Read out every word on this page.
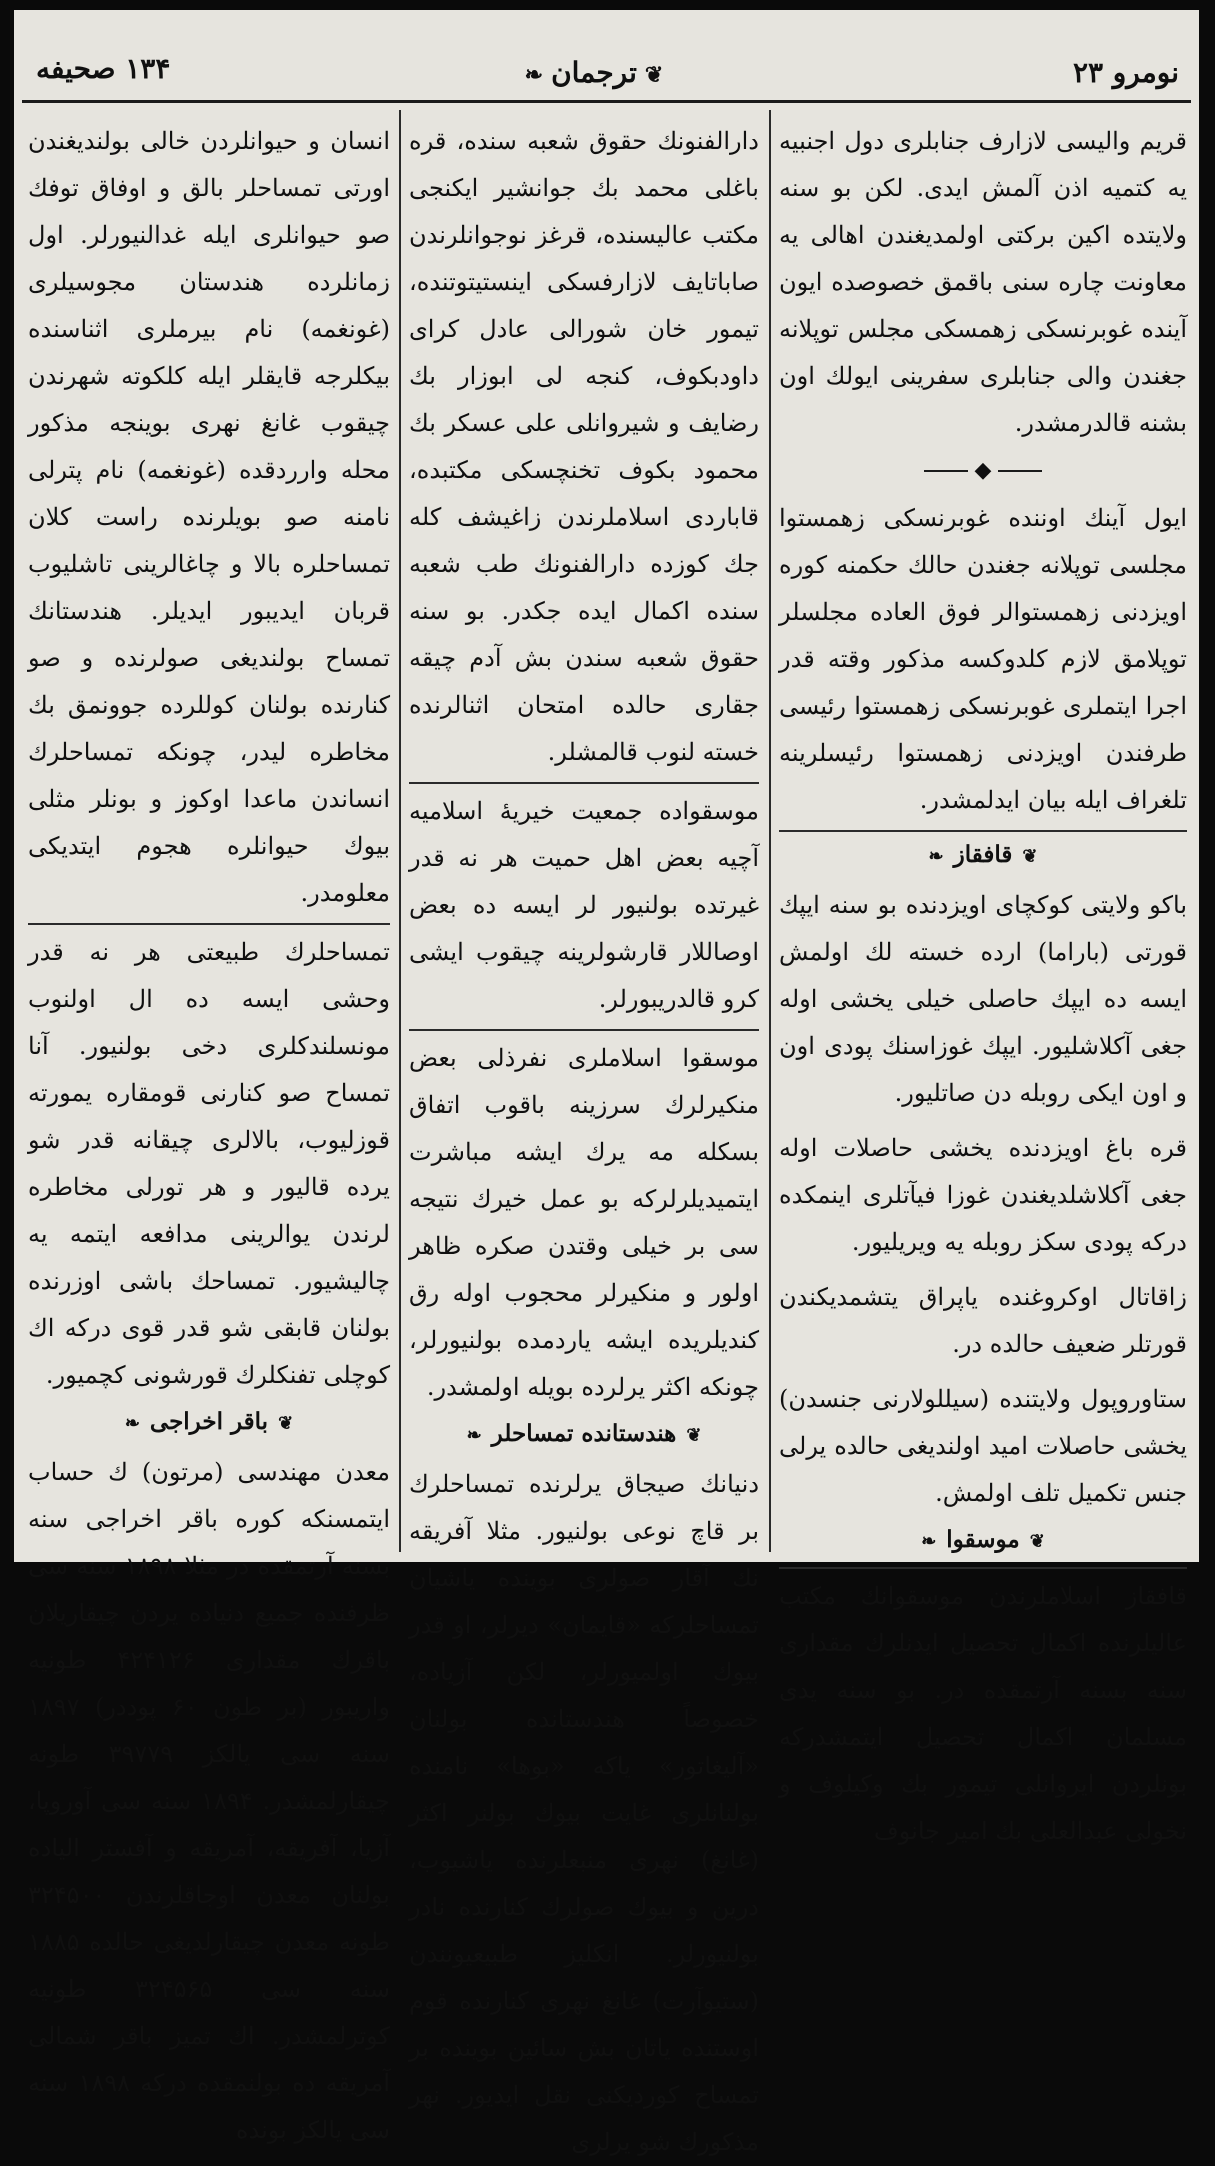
نومرو ۲۳
❦ترجمان❧
۱۳۴ صحیفه

قریم والیسی لازارف جنابلری دول اجنبیه یه کتمیه اذن آلمش ایدی. لکن بو سنه ولایتده اکین برکتی اولمدیغندن اهالی یه معاونت چاره سنی باقمق خصوصده ایون آینده غوبرنسکی زهمسکی مجلس توپلانه جغندن والی جنابلری سفرینی ایولك اون بشنه قالدرمشدر.

◆

ایول آینك اوننده غوبرنسکی زهمستوا مجلسی توپلانه جغندن حالك حکمنه کوره اویزدنی زهمستوالر فوق العاده مجلسلر توپلامق لازم کلدوکسه مذکور وقته قدر اجرا ایتملری غوبرنسکی زهمستوا رئیسی طرفندن اویزدنی زهمستوا رئیسلرینه تلغراف ایله بیان ایدلمشدر.

❦قافقاز❧

باکو ولایتی کوکچای اویزدنده بو سنه ایپك قورتی (باراما) ارده خسته لك اولمش ایسه ده ایپك حاصلی خیلی یخشی اوله جغی آکلاشلیور. ایپك غوزاسنك پودی اون و اون ایکی روبله دن صاتلیور.

قره باغ اویزدنده یخشی حاصلات اوله جغی آکلاشلدیغندن غوزا فیآتلری اینمکده درکه پودی سکز روبله یه ویریلیور.

زاقاتال اوکروغنده یاپراق یتشمدیکندن قورتلر ضعیف حالده در.

ستاوروپول ولایتنده (سیللولارنی جنسدن) یخشی حاصلات امید اولندیغی حالده یرلی جنس تکمیل تلف اولمش.

❦موسقوا❧

قافقاز اسلاملرندن موسقوانك مکتب عالیلرنده اکمال تحصیل ایدنلرك مقداری سنه بسنه آرتمقده در. بو سنه یدی مسلمان اکمال تحصیل ایتمشدرکه بونلردن ایروانلی تیمور بك وکیلوف و نخولی عبدالعلی بك امیر جانوف

دارالفنونك حقوق شعبه سنده، قره باغلی محمد بك جوانشیر ایکنجی مکتب عالیسنده، قرغز نوجوانلرندن صاباتایف لازارفسکی اینستیتوتنده، تیمور خان شورالی عادل کرای داودبکوف، کنجه لی ابوزار بك رضایف و شیروانلی علی عسکر بك محمود بکوف تخنچسکی مکتبده، قاباردی اسلاملرندن زاغیشف کله جك کوزده دارالفنونك طب شعبه سنده اکمال ایده جکدر. بو سنه حقوق شعبه سندن بش آدم چیقه جقاری حالده امتحان اثنالرنده خسته لنوب قالمشلر.

موسقواده جمعیت خیریهٔ اسلامیه آچیه بعض اهل حمیت هر نه قدر غیرتده بولنیور لر ایسه ده بعض اوصاللار قارشولرینه چیقوب ایشی کرو قالدریبورلر.

موسقوا اسلاملری نفرذلی بعض منکیرلرك سرزینه باقوب اتفاق بسکله مه یرك ایشه مباشرت ایتمیدیلرلرکه بو عمل خیرك نتیجه سی بر خیلی وقتدن صکره ظاهر اولور و منکیرلر محجوب اوله رق کندیلریده ایشه یاردمده بولنیورلر، چونکه اکثر یرلرده بویله اولمشدر.

❦هندستانده تمساحلر❧

دنیانك صیجاق یرلرنده تمساحلرك بر قاچ نوعی بولنیور. مثلا آفریقه نك آقار صولری بوینده یاشیان تمساحلرکه «قایمان» دیرلر، او قدر بیوك اولمیورلر، لکن آزیاده، خصوصاً هندستانده بولنان «آلیغاتور» یاکه «بوها» نامنده بولنانلری غایت بیوك بولنر اکثر (غانغ) نهری منبعلرنده یاشیوب، درین و بیوك صولرك کنارنده نادر بولنیورلر. انکلیز طبیعیونندن (ستیوآرت) غانغ نهری کنارنده قوم اوستنده یاتان بش سائین بوینده بر تمساح کوردیکنی نقل ایدیور. نهر مذکورك شو یرلری

انسان و حیوانلردن خالی بولندیغندن اورتی تمساحلر بالق و اوفاق توفك صو حیوانلری ایله غدالنیورلر. اول زمانلرده هندستان مجوسیلری (غونغمه) نام بیرملری اثناسنده بیکلرجه قایقلر ایله کلکوته شهرندن چیقوب غانغ نهری بوینجه مذکور محله وارردقده (غونغمه) نام پترلی نامنه صو بویلرنده راست کلان تمساحلره بالا و چاغالرینی تاشلیوب قربان ایدیبور ایدیلر. هندستانك تمساح بولندیغی صولرنده و صو کنارنده بولنان کوللرده جوونمق بك مخاطره لیدر، چونکه تمساحلرك انساندن ماعدا اوکوز و بونلر مثلی بیوك حیوانلره هجوم ایتدیکی معلومدر.

تمساحلرك طبیعتی هر نه قدر وحشی ایسه ده ال اولنوب مونسلندکلری دخی بولنیور. آنا تمساح صو کنارنی قومقاره یمورته قوزلیوب، بالالری چیقانه قدر شو یرده قالیور و هر تورلی مخاطره لرندن یوالرینی مدافعه ایتمه یه چالیشیور. تمساحك باشی اوزرنده بولنان قابقی شو قدر قوی درکه اك کوچلی تفنکلرك قورشونی کچمیور.

❦باقر اخراجی❧

معدن مهندسی (مرتون) ك حساب ایتمسنکه کوره باقر اخراجی سنه بسنه آرتمقده در مثلا ۱۸۹۸ سنه سی ظرفنده جمیع دنیاده یردن چیقاریلان باقرك مقداری ۴۲۴۱۲۶ طونیه واریبور (بر طون ۶۰ پوددر) ۱۸۹۷ سنه سی یالکز ۳۹۷۷۹ طونه چیقارلمشدر. ۱۸۹۴ سنه سی آوروپا، آزیا، آفریقه، آمریقه و آفستر الیاده بولنان معدن اوجاقلرندن ۳۲۴۵۰۰ طونه معدن چیقارلدیغی حالده ۱۸۸۵ سنه سی ۳۲۴۵۶۵ طونیه کوترلمشدر. اك تمیز باقر شمالی آمریقه ده بولنمقده درکه ۱۸۹۸ سنه سی یالکز بونده
